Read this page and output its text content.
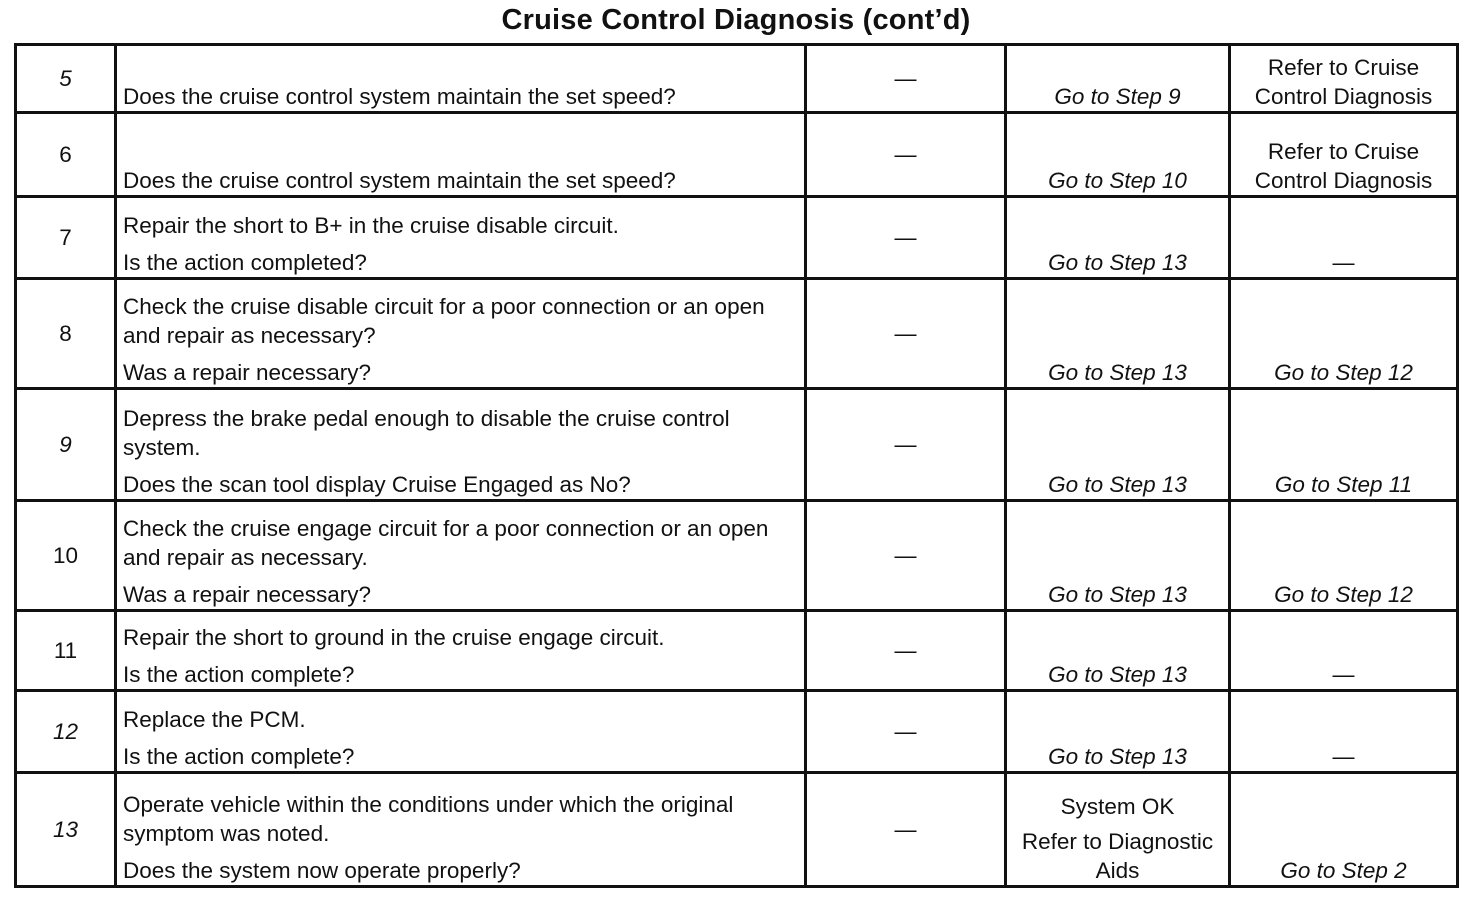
Cruise Control Diagnosis (cont’d)
5	Does the cruise control system maintain the set speed?	—	Go to Step 9	Refer to Cruise Control Diagnosis

6	Does the cruise control system maintain the set speed?	—	Go to Step 10	Refer to Cruise Control Diagnosis

7	Repair the short to B+ in the cruise disable circuit.
Is the action completed?	—	Go to Step 13	—

8	Check the cruise disable circuit for a poor connection or an open and repair as necessary?
Was a repair necessary?	—	Go to Step 13	Go to Step 12

9	Depress the brake pedal enough to disable the cruise control system.
Does the scan tool display Cruise Engaged as No?	—	Go to Step 13	Go to Step 11

10	Check the cruise engage circuit for a poor connection or an open and repair as necessary.
Was a repair necessary?	—	Go to Step 13	Go to Step 12

11	Repair the short to ground in the cruise engage circuit.
Is the action complete?	—	Go to Step 13	—

12	Replace the PCM.
Is the action complete?	—	Go to Step 13	—

13	Operate vehicle within the conditions under which the original symptom was noted.
Does the system now operate properly?	—	System OK
Refer to Diagnostic Aids	Go to Step 2
